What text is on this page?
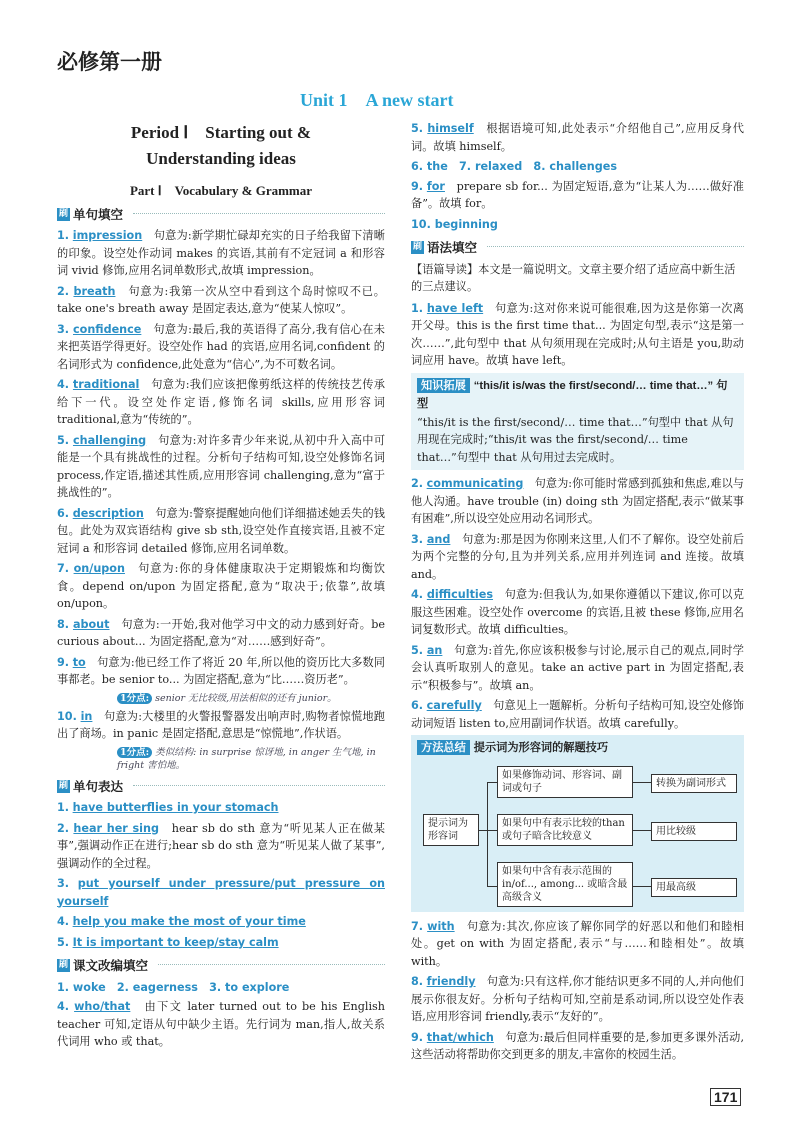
必修第一册
Unit 1　A new start
Period Ⅰ　Starting out &
Understanding ideas
Part Ⅰ　Vocabulary & Grammar
刷 单句填空
1. impression　 句意为:新学期忙碌却充实的日子给我留下清晰的印象。设空处作动词 makes 的宾语,其前有不定冠词 a 和形容词 vivid 修饰,应用名词单数形式,故填 impression。
2. breath　 句意为:我第一次从空中看到这个岛时惊叹不已。take one's breath away 是固定表达,意为“使某人惊叹”。
3. confidence　 句意为:最后,我的英语得了高分,我有信心在未来把英语学得更好。设空处作 had 的宾语,应用名词,confident 的名词形式为 confidence,此处意为“信心”,为不可数名词。
4. traditional　 句意为:我们应该把像剪纸这样的传统技艺传承给下一代。设空处作定语,修饰名词 skills,应用形容词 traditional,意为“传统的”。
5. challenging　 句意为:对许多青少年来说,从初中升入高中可能是一个具有挑战性的过程。分析句子结构可知,设空处修饰名词 process,作定语,描述其性质,应用形容词 challenging,意为“富于挑战性的”。
6. description　 句意为:警察提醒她向他们详细描述她丢失的钱包。此处为双宾语结构 give sb sth,设空处作直接宾语,且被不定冠词 a 和形容词 detailed 修饰,应用名词单数。
7. on/upon　 句意为:你的身体健康取决于定期锻炼和均衡饮食。depend on/upon 为固定搭配,意为“取决于;依靠”,故填 on/upon。
8. about　 句意为:一开始,我对他学习中文的动力感到好奇。be curious about... 为固定搭配,意为“对……感到好奇”。
9. to　 句意为:他已经工作了将近 20 年,所以他的资历比大多数同事都老。be senior to... 为固定搭配,意为“比……资历老”。
1分点: senior 无比较级,用法相似的还有 junior。
10. in　 句意为:大楼里的火警报警器发出响声时,购物者惊慌地跑出了商场。in panic 是固定搭配,意思是“惊慌地”,作状语。
1分点: 类似结构: in surprise 惊讶地, in anger 生气地, in fright 害怕地。
刷 单句表达
1. have butterflies in your stomach　
2. hear her sing　 hear sb do sth 意为“听见某人正在做某事”,强调动作正在进行;hear sb do sth 意为“听见某人做了某事”,强调动作的全过程。
3. put yourself under pressure/put pressure on yourself　
4. help you make the most of your time　
5. It is important to keep/stay calm　
刷 课文改编填空
1. woke　2. eagerness　3. to explore
4. who/that　 由下文 later turned out to be his English teacher 可知,定语从句中缺少主语。先行词为 man,指人,故关系代词用 who 或 that。
5. himself　 根据语境可知,此处表示“介绍他自己”,应用反身代词。故填 himself。
6. the　7. relaxed　8. challenges
9. for　 prepare sb for... 为固定短语,意为“让某人为……做好准备”。故填 for。
10. beginning
刷 语法填空
【语篇导读】本文是一篇说明文。文章主要介绍了适应高中新生活的三点建议。
1. have left　 句意为:这对你来说可能很难,因为这是你第一次离开父母。this is the first time that... 为固定句型,表示“这是第一次……”,此句型中 that 从句须用现在完成时;从句主语是 you,助动词应用 have。故填 have left。
知识拓展 “this/it is/was the first/second/… time that…” 句型
“this/it is the first/second/… time that…”句型中 that 从句用现在完成时;“this/it was the first/second/… time that…”句型中 that 从句用过去完成时。
2. communicating　 句意为:你可能时常感到孤独和焦虑,难以与他人沟通。have trouble (in) doing sth 为固定搭配,表示“做某事有困难”,所以设空处应用动名词形式。
3. and　 句意为:那是因为你刚来这里,人们不了解你。设空处前后为两个完整的分句,且为并列关系,应用并列连词 and 连接。故填 and。
4. difficulties　 句意为:但我认为,如果你遵循以下建议,你可以克服这些困难。设空处作 overcome 的宾语,且被 these 修饰,应用名词复数形式。故填 difficulties。
5. an　 句意为:首先,你应该积极参与讨论,展示自己的观点,同时学会认真听取别人的意见。take an active part in 为固定搭配,表示“积极参与”。故填 an。
6. carefully　 句意见上一题解析。分析句子结构可知,设空处修饰动词短语 listen to,应用副词作状语。故填 carefully。
方法总结 提示词为形容词的解题技巧
提示词为形容词
如果修饰动词、形容词、副词或句子
如果句中有表示比较的than或句子暗含比较意义
如果句中含有表示范围的in/of..., among... 或暗含最高级含义
转换为副词形式
用比较级
用最高级
7. with　 句意为:其次,你应该了解你同学的好恶以和他们和睦相处。get on with 为固定搭配,表示“与……和睦相处”。故填 with。
8. friendly　 句意为:只有这样,你才能结识更多不同的人,并向他们展示你很友好。分析句子结构可知,空前是系动词,所以设空处作表语,应用形容词 friendly,表示“友好的”。
9. that/which　 句意为:最后但同样重要的是,参加更多课外活动,这些活动将帮助你交到更多的朋友,丰富你的校园生活。
171
